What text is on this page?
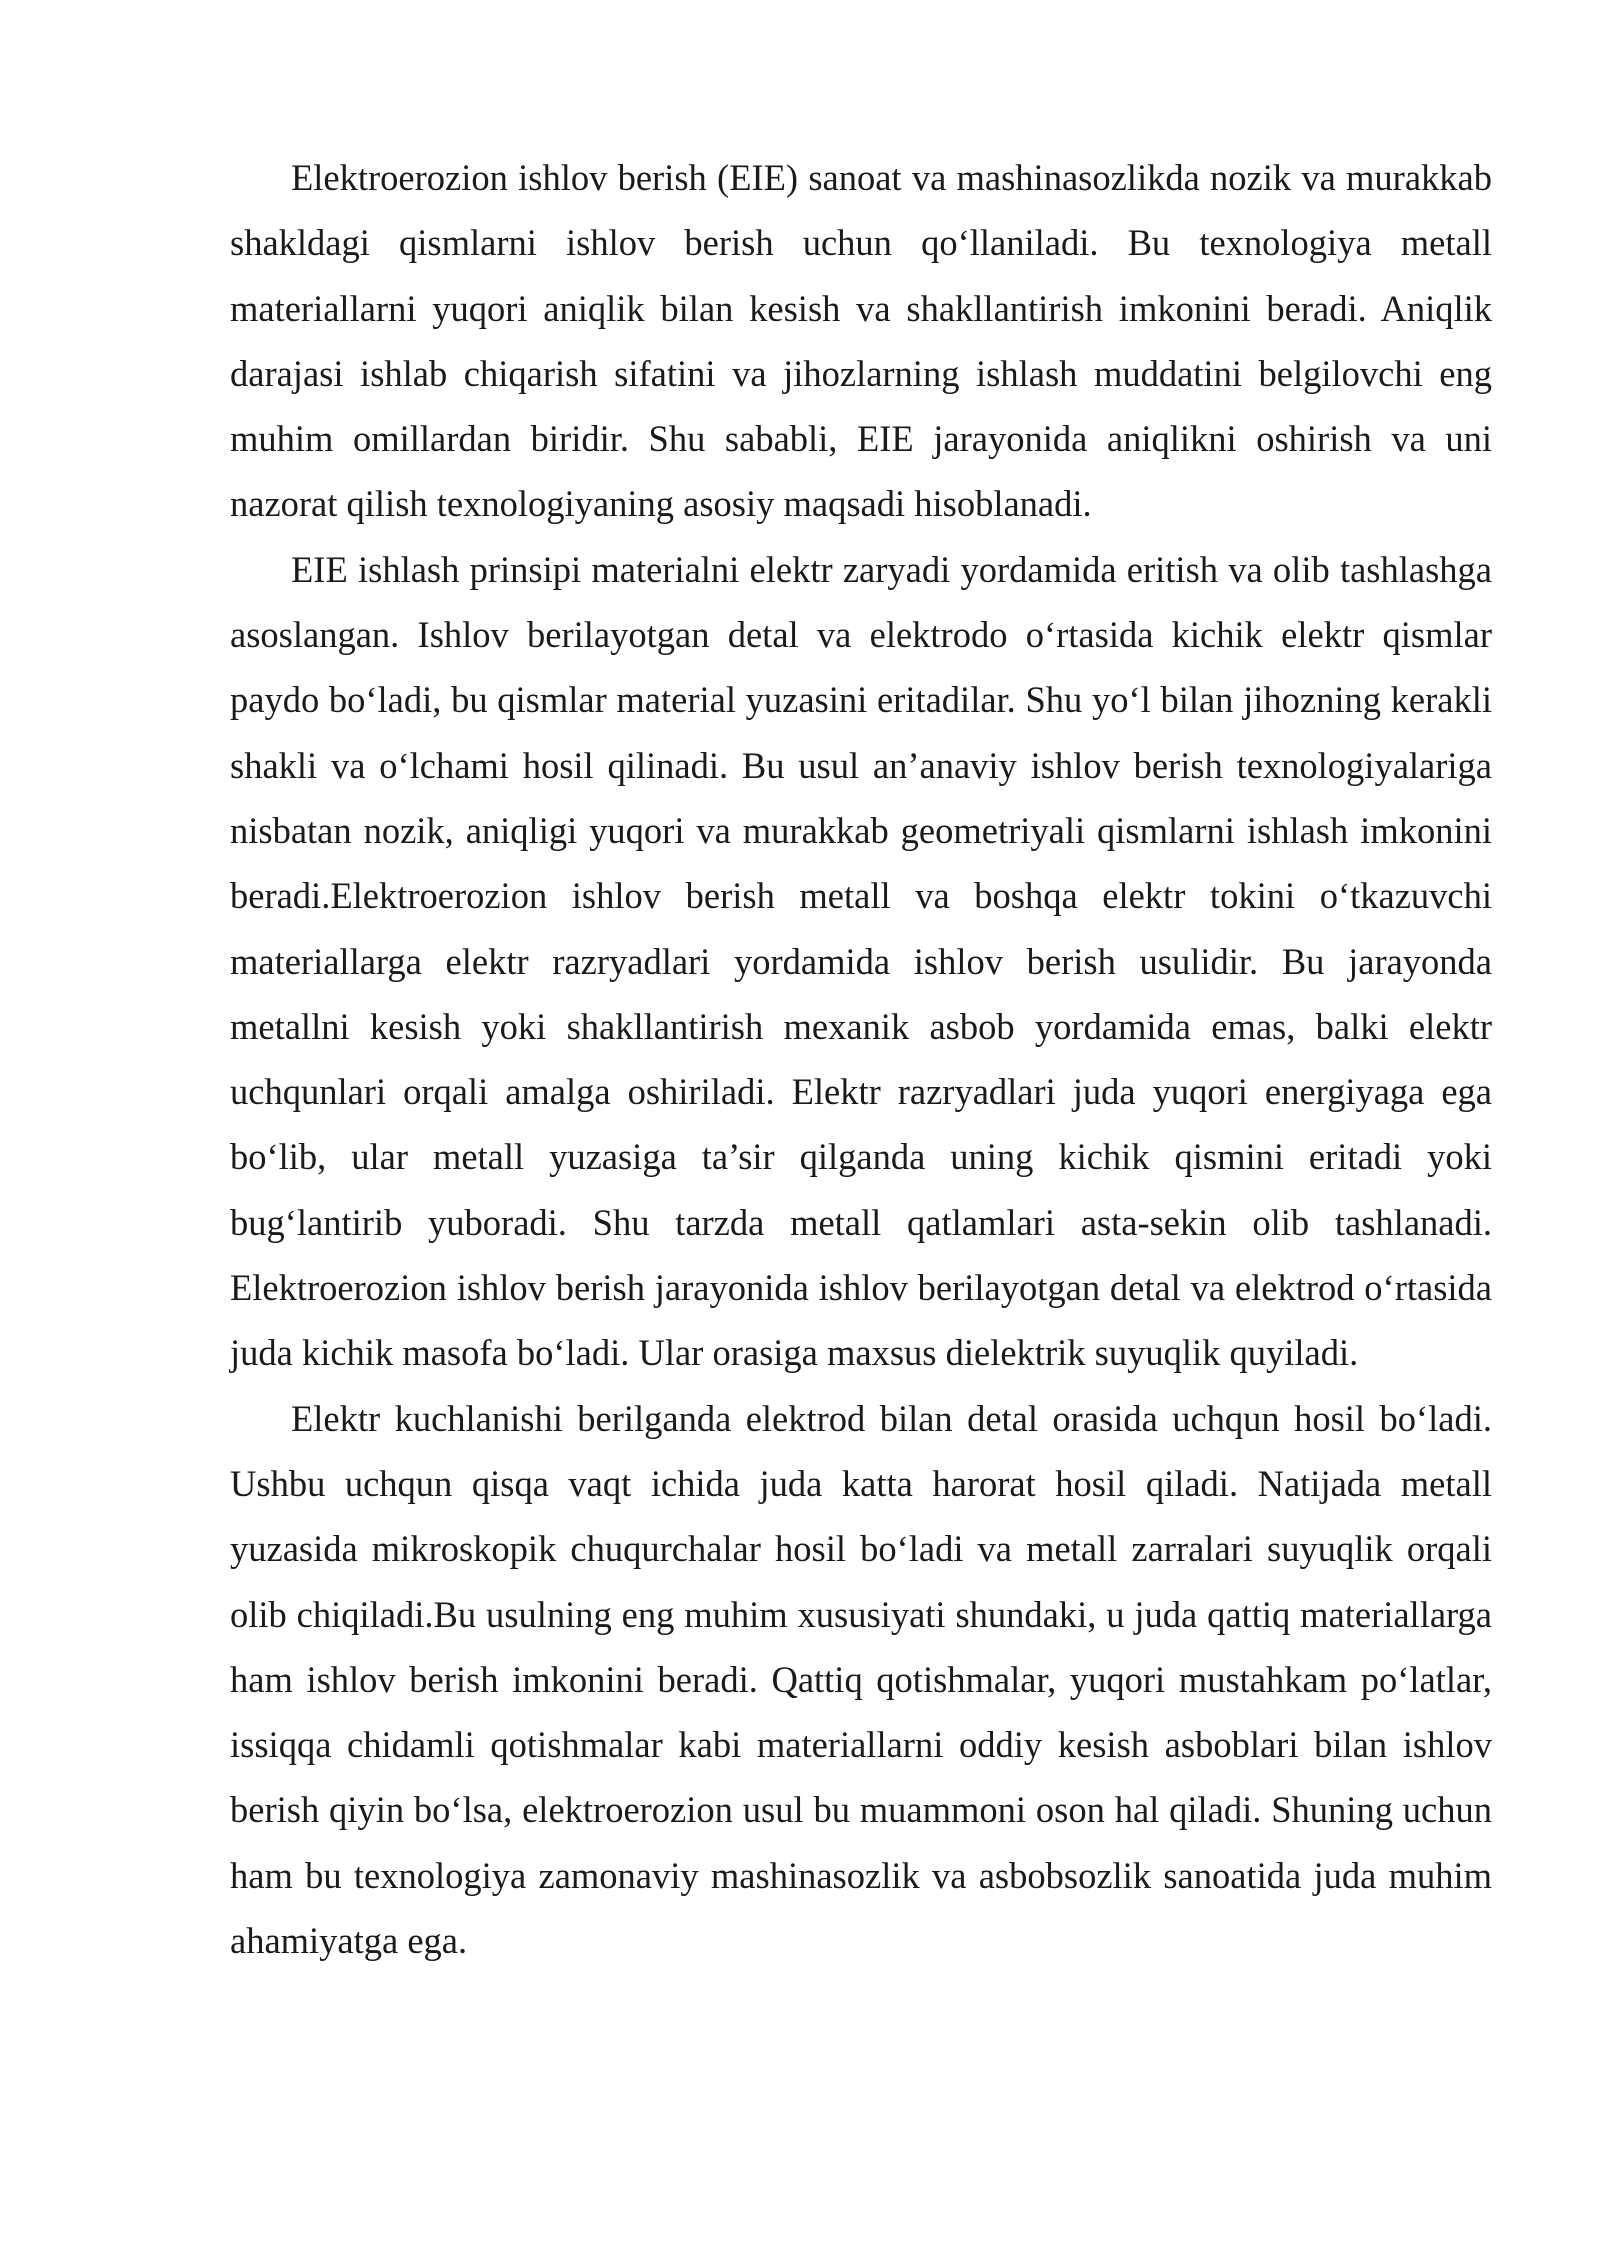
Elektroerozion ishlov berish (EIE) sanoat va mashinasozlikda nozik va murakkab shakldagi qismlarni ishlov berish uchun qo‘llaniladi. Bu texnologiya metall materiallarni yuqori aniqlik bilan kesish va shakllantirish imkonini beradi. Aniqlik darajasi ishlab chiqarish sifatini va jihozlarning ishlash muddatini belgilovchi eng muhim omillardan biridir. Shu sababli, EIE jarayonida aniqlikni oshirish va uni nazorat qilish texnologiyaning asosiy maqsadi hisoblanadi.

EIE ishlash prinsipi materialni elektr zaryadi yordamida eritish va olib tashlashga asoslangan. Ishlov berilayotgan detal va elektrodo o‘rtasida kichik elektr qismlar paydo bo‘ladi, bu qismlar material yuzasini eritadilar. Shu yo‘l bilan jihozning kerakli shakli va o‘lchami hosil qilinadi. Bu usul an’anaviy ishlov berish texnologiyalariga nisbatan nozik, aniqligi yuqori va murakkab geometriyali qismlarni ishlash imkonini beradi.Elektroerozion ishlov berish metall va boshqa elektr tokini o‘tkazuvchi materiallarga elektr razryadlari yordamida ishlov berish usulidir. Bu jarayonda metallni kesish yoki shakllantirish mexanik asbob yordamida emas, balki elektr uchqunlari orqali amalga oshiriladi. Elektr razryadlari juda yuqori energiyaga ega bo‘lib, ular metall yuzasiga ta’sir qilganda uning kichik qismini eritadi yoki bug‘lantirib yuboradi. Shu tarzda metall qatlamlari asta-sekin olib tashlanadi. Elektroerozion ishlov berish jarayonida ishlov berilayotgan detal va elektrod o‘rtasida juda kichik masofa bo‘ladi. Ular orasiga maxsus dielektrik suyuqlik quyiladi.

Elektr kuchlanishi berilganda elektrod bilan detal orasida uchqun hosil bo‘ladi. Ushbu uchqun qisqa vaqt ichida juda katta harorat hosil qiladi. Natijada metall yuzasida mikroskopik chuqurchalar hosil bo‘ladi va metall zarralari suyuqlik orqali olib chiqiladi.Bu usulning eng muhim xususiyati shundaki, u juda qattiq materiallarga ham ishlov berish imkonini beradi. Qattiq qotishmalar, yuqori mustahkam po‘latlar, issiqqa chidamli qotishmalar kabi materiallarni oddiy kesish asboblari bilan ishlov berish qiyin bo‘lsa, elektroerozion usul bu muammoni oson hal qiladi. Shuning uchun ham bu texnologiya zamonaviy mashinasozlik va asbobsozlik sanoatida juda muhim ahamiyatga ega.
